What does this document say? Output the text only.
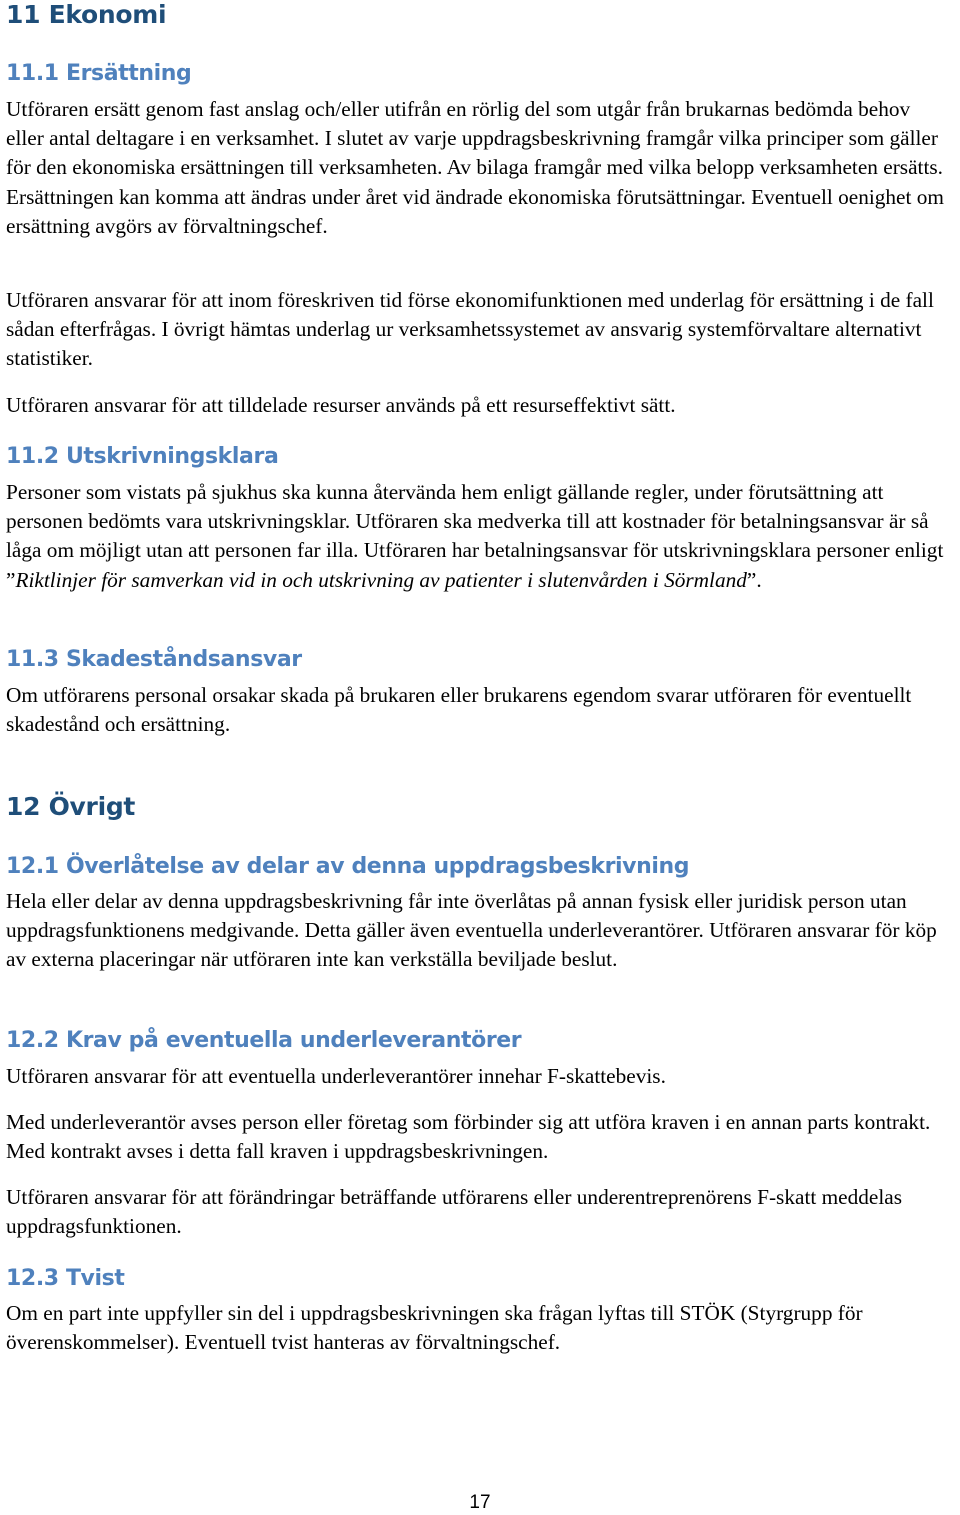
11 Ekonomi
11.1 Ersättning

Utföraren ersätt genom fast anslag och/eller utifrån en rörlig del som utgår från brukarnas bedömda behov eller antal deltagare i en verksamhet. I slutet av varje uppdragsbeskrivning framgår vilka principer som gäller för den ekonomiska ersättningen till verksamheten. Av bilaga framgår med vilka belopp verksamheten ersätts. Ersättningen kan komma att ändras under året vid ändrade ekonomiska förutsättningar. Eventuell oenighet om ersättning avgörs av förvaltningschef.

Utföraren ansvarar för att inom föreskriven tid förse ekonomifunktionen med underlag för ersättning i de fall sådan efterfrågas. I övrigt hämtas underlag ur verksamhetssystemet av ansvarig systemförvaltare alternativt statistiker.

Utföraren ansvarar för att tilldelade resurser används på ett resurseffektivt sätt.

11.2 Utskrivningsklara

Personer som vistats på sjukhus ska kunna återvända hem enligt gällande regler, under förutsättning att personen bedömts vara utskrivningsklar. Utföraren ska medverka till att kostnader för betalningsansvar är så låga om möjligt utan att personen far illa. Utföraren har betalningsansvar för utskrivningsklara personer enligt ”Riktlinjer för samverkan vid in och utskrivning av patienter i slutenvården i Sörmland”.

11.3 Skadeståndsansvar

Om utförarens personal orsakar skada på brukaren eller brukarens egendom svarar utföraren för eventuellt skadestånd och ersättning.

12 Övrigt
12.1 Överlåtelse av delar av denna uppdragsbeskrivning

Hela eller delar av denna uppdragsbeskrivning får inte överlåtas på annan fysisk eller juridisk person utan uppdragsfunktionens medgivande. Detta gäller även eventuella underleverantörer. Utföraren ansvarar för köp av externa placeringar när utföraren inte kan verkställa beviljade beslut.

12.2 Krav på eventuella underleverantörer

Utföraren ansvarar för att eventuella underleverantörer innehar F-skattebevis.

Med underleverantör avses person eller företag som förbinder sig att utföra kraven i en annan parts kontrakt. Med kontrakt avses i detta fall kraven i uppdragsbeskrivningen.

Utföraren ansvarar för att förändringar beträffande utförarens eller underentreprenörens F-skatt meddelas uppdragsfunktionen.

12.3 Tvist

Om en part inte uppfyller sin del i uppdragsbeskrivningen ska frågan lyftas till STÖK (Styrgrupp för överenskommelser). Eventuell tvist hanteras av förvaltningschef.

17
